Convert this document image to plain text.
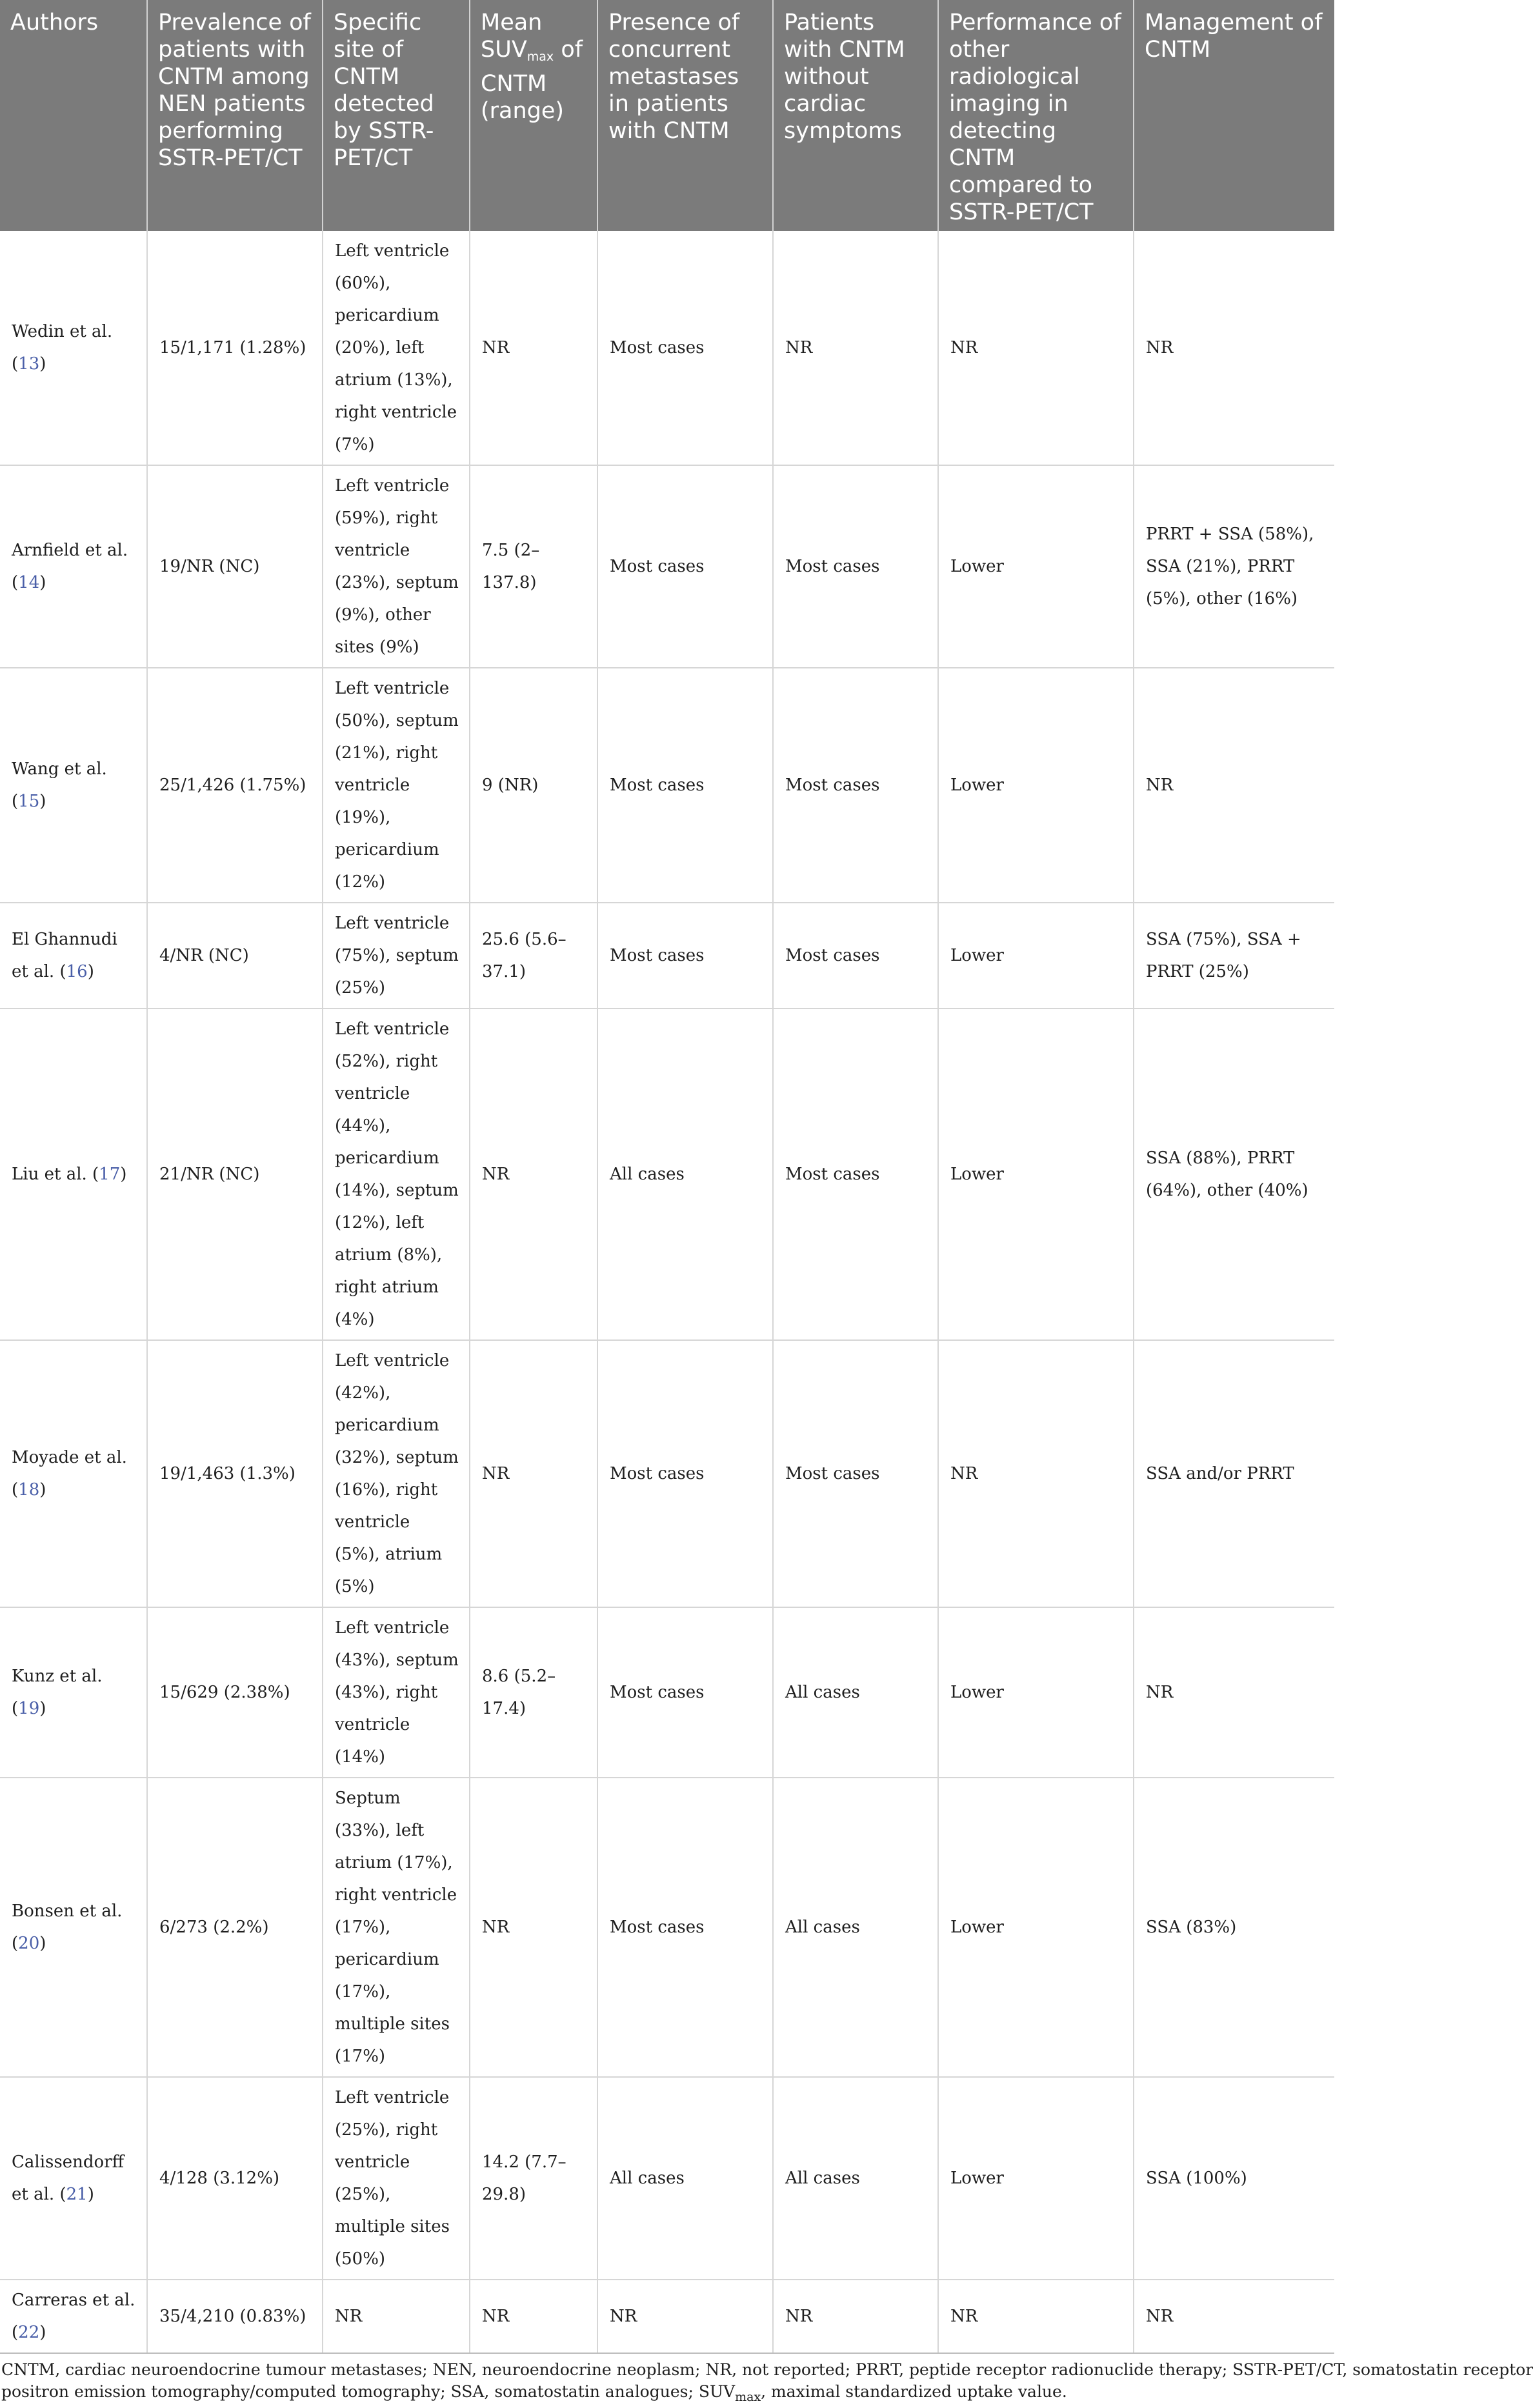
Authors	Prevalence of patients with CNTM among NEN patients performing SSTR-PET/CT	Specific site of CNTM detected by SSTR-PET/CT	Mean $SUV_{max}$ of CNTM (range)	Presence of concurrent metastases in patients with CNTM	Patients with CNTM without cardiac symptoms	Performance of other radiological imaging in detecting CNTM compared to SSTR-PET/CT	Management of CNTM
Wedin et al. (13)	15/1,171 (1.28%)	Left ventricle (60%), pericardium (20%), left atrium (13%), right ventricle (7%)	NR	Most cases	NR	NR	NR
Arnfield et al. (14)	19/NR (NC)	Left ventricle (59%), right ventricle (23%), septum (9%), other sites (9%)	7.5 (2–137.8)	Most cases	Most cases	Lower	PRRT + SSA (58%), SSA (21%), PRRT (5%), other (16%)
Wang et al. (15)	25/1,426 (1.75%)	Left ventricle (50%), septum (21%), right ventricle (19%), pericardium (12%)	9 (NR)	Most cases	Most cases	Lower	NR
El Ghannudi et al. (16)	4/NR (NC)	Left ventricle (75%), septum (25%)	25.6 (5.6–37.1)	Most cases	Most cases	Lower	SSA (75%), SSA + PRRT (25%)
Liu et al. (17)	21/NR (NC)	Left ventricle (52%), right ventricle (44%), pericardium (14%), septum (12%), left atrium (8%), right atrium (4%)	NR	All cases	Most cases	Lower	SSA (88%), PRRT (64%), other (40%)
Moyade et al. (18)	19/1,463 (1.3%)	Left ventricle (42%), pericardium (32%), septum (16%), right ventricle (5%), atrium (5%)	NR	Most cases	Most cases	NR	SSA and/or PRRT
Kunz et al. (19)	15/629 (2.38%)	Left ventricle (43%), septum (43%), right ventricle (14%)	8.6 (5.2–17.4)	Most cases	All cases	Lower	NR
Bonsen et al. (20)	6/273 (2.2%)	Septum (33%), left atrium (17%), right ventricle (17%), pericardium (17%), multiple sites (17%)	NR	Most cases	All cases	Lower	SSA (83%)
Calissendorff et al. (21)	4/128 (3.12%)	Left ventricle (25%), right ventricle (25%), multiple sites (50%)	14.2 (7.7–29.8)	All cases	All cases	Lower	SSA (100%)
Carreras et al. (22)	35/4,210 (0.83%)	NR	NR	NR	NR	NR	NR

CNTM, cardiac neuroendocrine tumour metastases; NEN, neuroendocrine neoplasm; NR, not reported; PRRT, peptide receptor radionuclide therapy; SSTR-PET/CT, somatostatin receptor
positron emission tomography/computed tomography; SSA, somatostatin analogues; $SUV_{max}$, maximal standardized uptake value.
